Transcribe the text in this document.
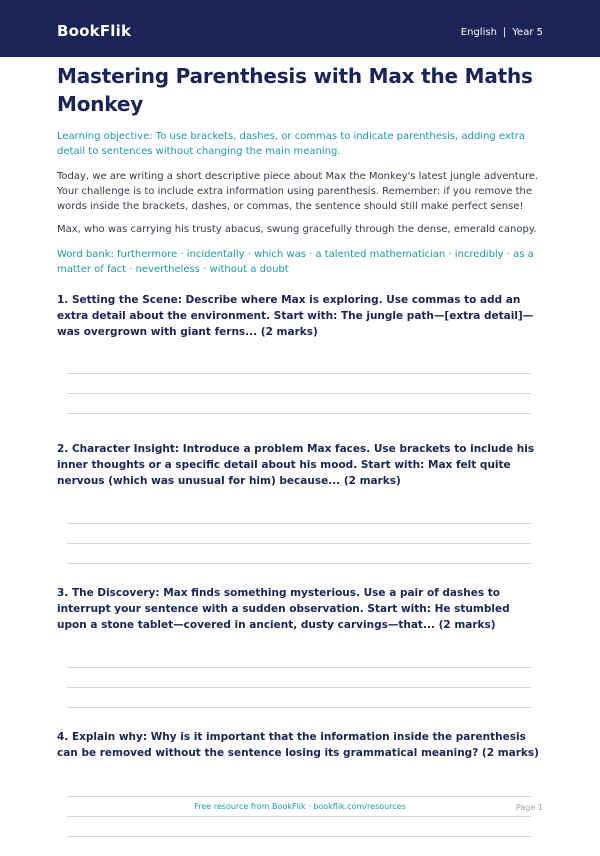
BookFlik	English | Year 5
Mastering Parenthesis with Max the Maths Monkey

Learning objective: To use brackets, dashes, or commas to indicate parenthesis, adding extra detail to sentences without changing the main meaning.

Today, we are writing a short descriptive piece about Max the Monkey's latest jungle adventure. Your challenge is to include extra information using parenthesis. Remember: if you remove the words inside the brackets, dashes, or commas, the sentence should still make perfect sense!

Max, who was carrying his trusty abacus, swung gracefully through the dense, emerald canopy.

Word bank: furthermore · incidentally · which was · a talented mathematician · incredibly · as a matter of fact · nevertheless · without a doubt

1. Setting the Scene: Describe where Max is exploring. Use commas to add an extra detail about the environment. Start with: The jungle path—[extra detail]—was overgrown with giant ferns... (2 marks)

2. Character Insight: Introduce a problem Max faces. Use brackets to include his inner thoughts or a specific detail about his mood. Start with: Max felt quite nervous (which was unusual for him) because... (2 marks)

3. The Discovery: Max finds something mysterious. Use a pair of dashes to interrupt your sentence with a sudden observation. Start with: He stumbled upon a stone tablet—covered in ancient, dusty carvings—that... (2 marks)

4. Explain why: Why is it important that the information inside the parenthesis can be removed without the sentence losing its grammatical meaning? (2 marks)

Free resource from BookFlik · bookflik.com/resources	Page 1
